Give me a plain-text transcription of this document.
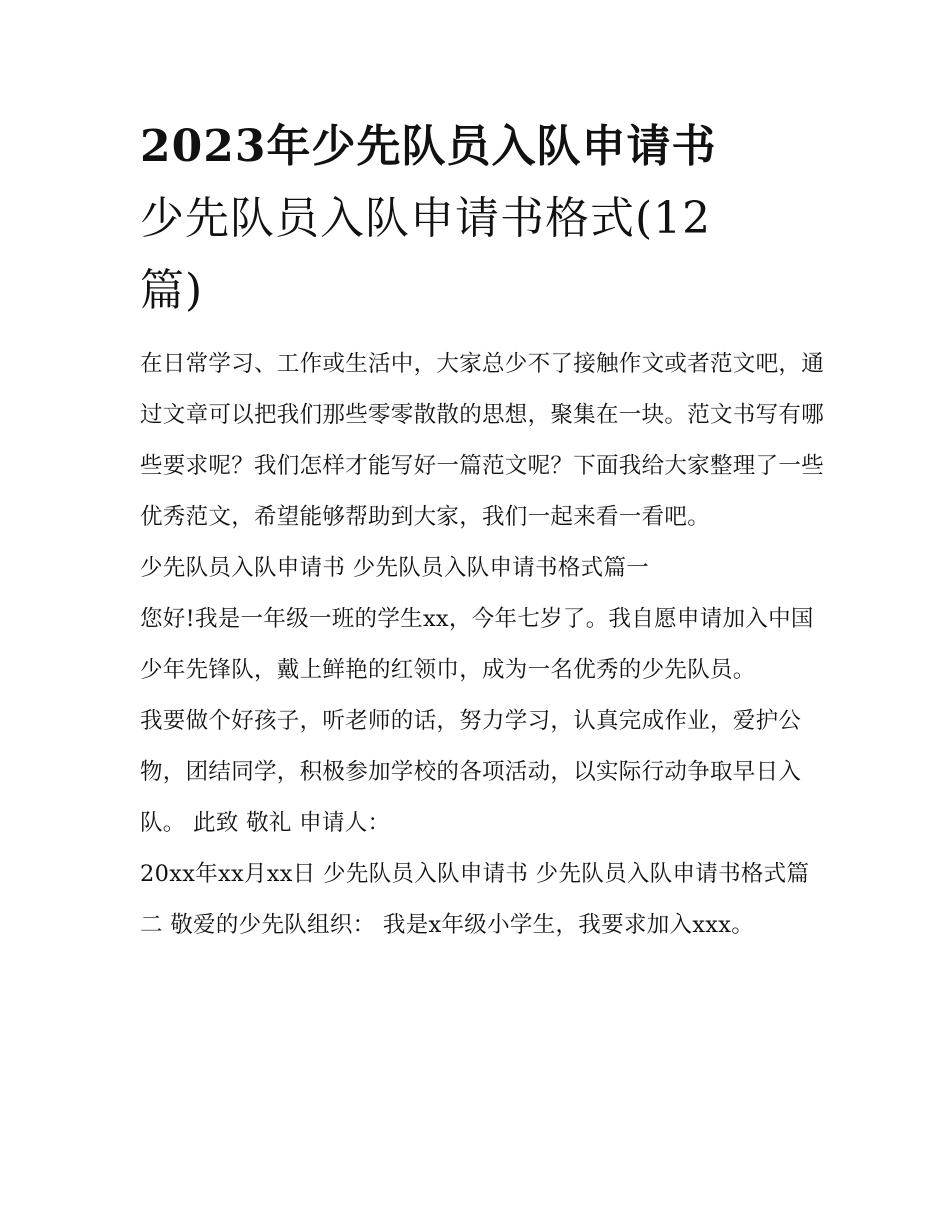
2023年少先队员入队申请书
少先队员入队申请书格式(12
篇)

在日常学习、工作或生活中，大家总少不了接触作文或者范文吧，通过文章可以把我们那些零零散散的思想，聚集在一块。范文书写有哪些要求呢？我们怎样才能写好一篇范文呢？下面我给大家整理了一些优秀范文，希望能够帮助到大家，我们一起来看一看吧。

少先队员入队申请书 少先队员入队申请书格式篇一

您好!我是一年级一班的学生xx，今年七岁了。我自愿申请加入中国少年先锋队，戴上鲜艳的红领巾，成为一名优秀的少先队员。

我要做个好孩子，听老师的话，努力学习，认真完成作业，爱护公物，团结同学，积极参加学校的各项活动，以实际行动争取早日入队。 此致 敬礼 申请人：

20xx年xx月xx日 少先队员入队申请书 少先队员入队申请书格式篇二 敬爱的少先队组织： 我是x年级小学生，我要求加入xxx。
